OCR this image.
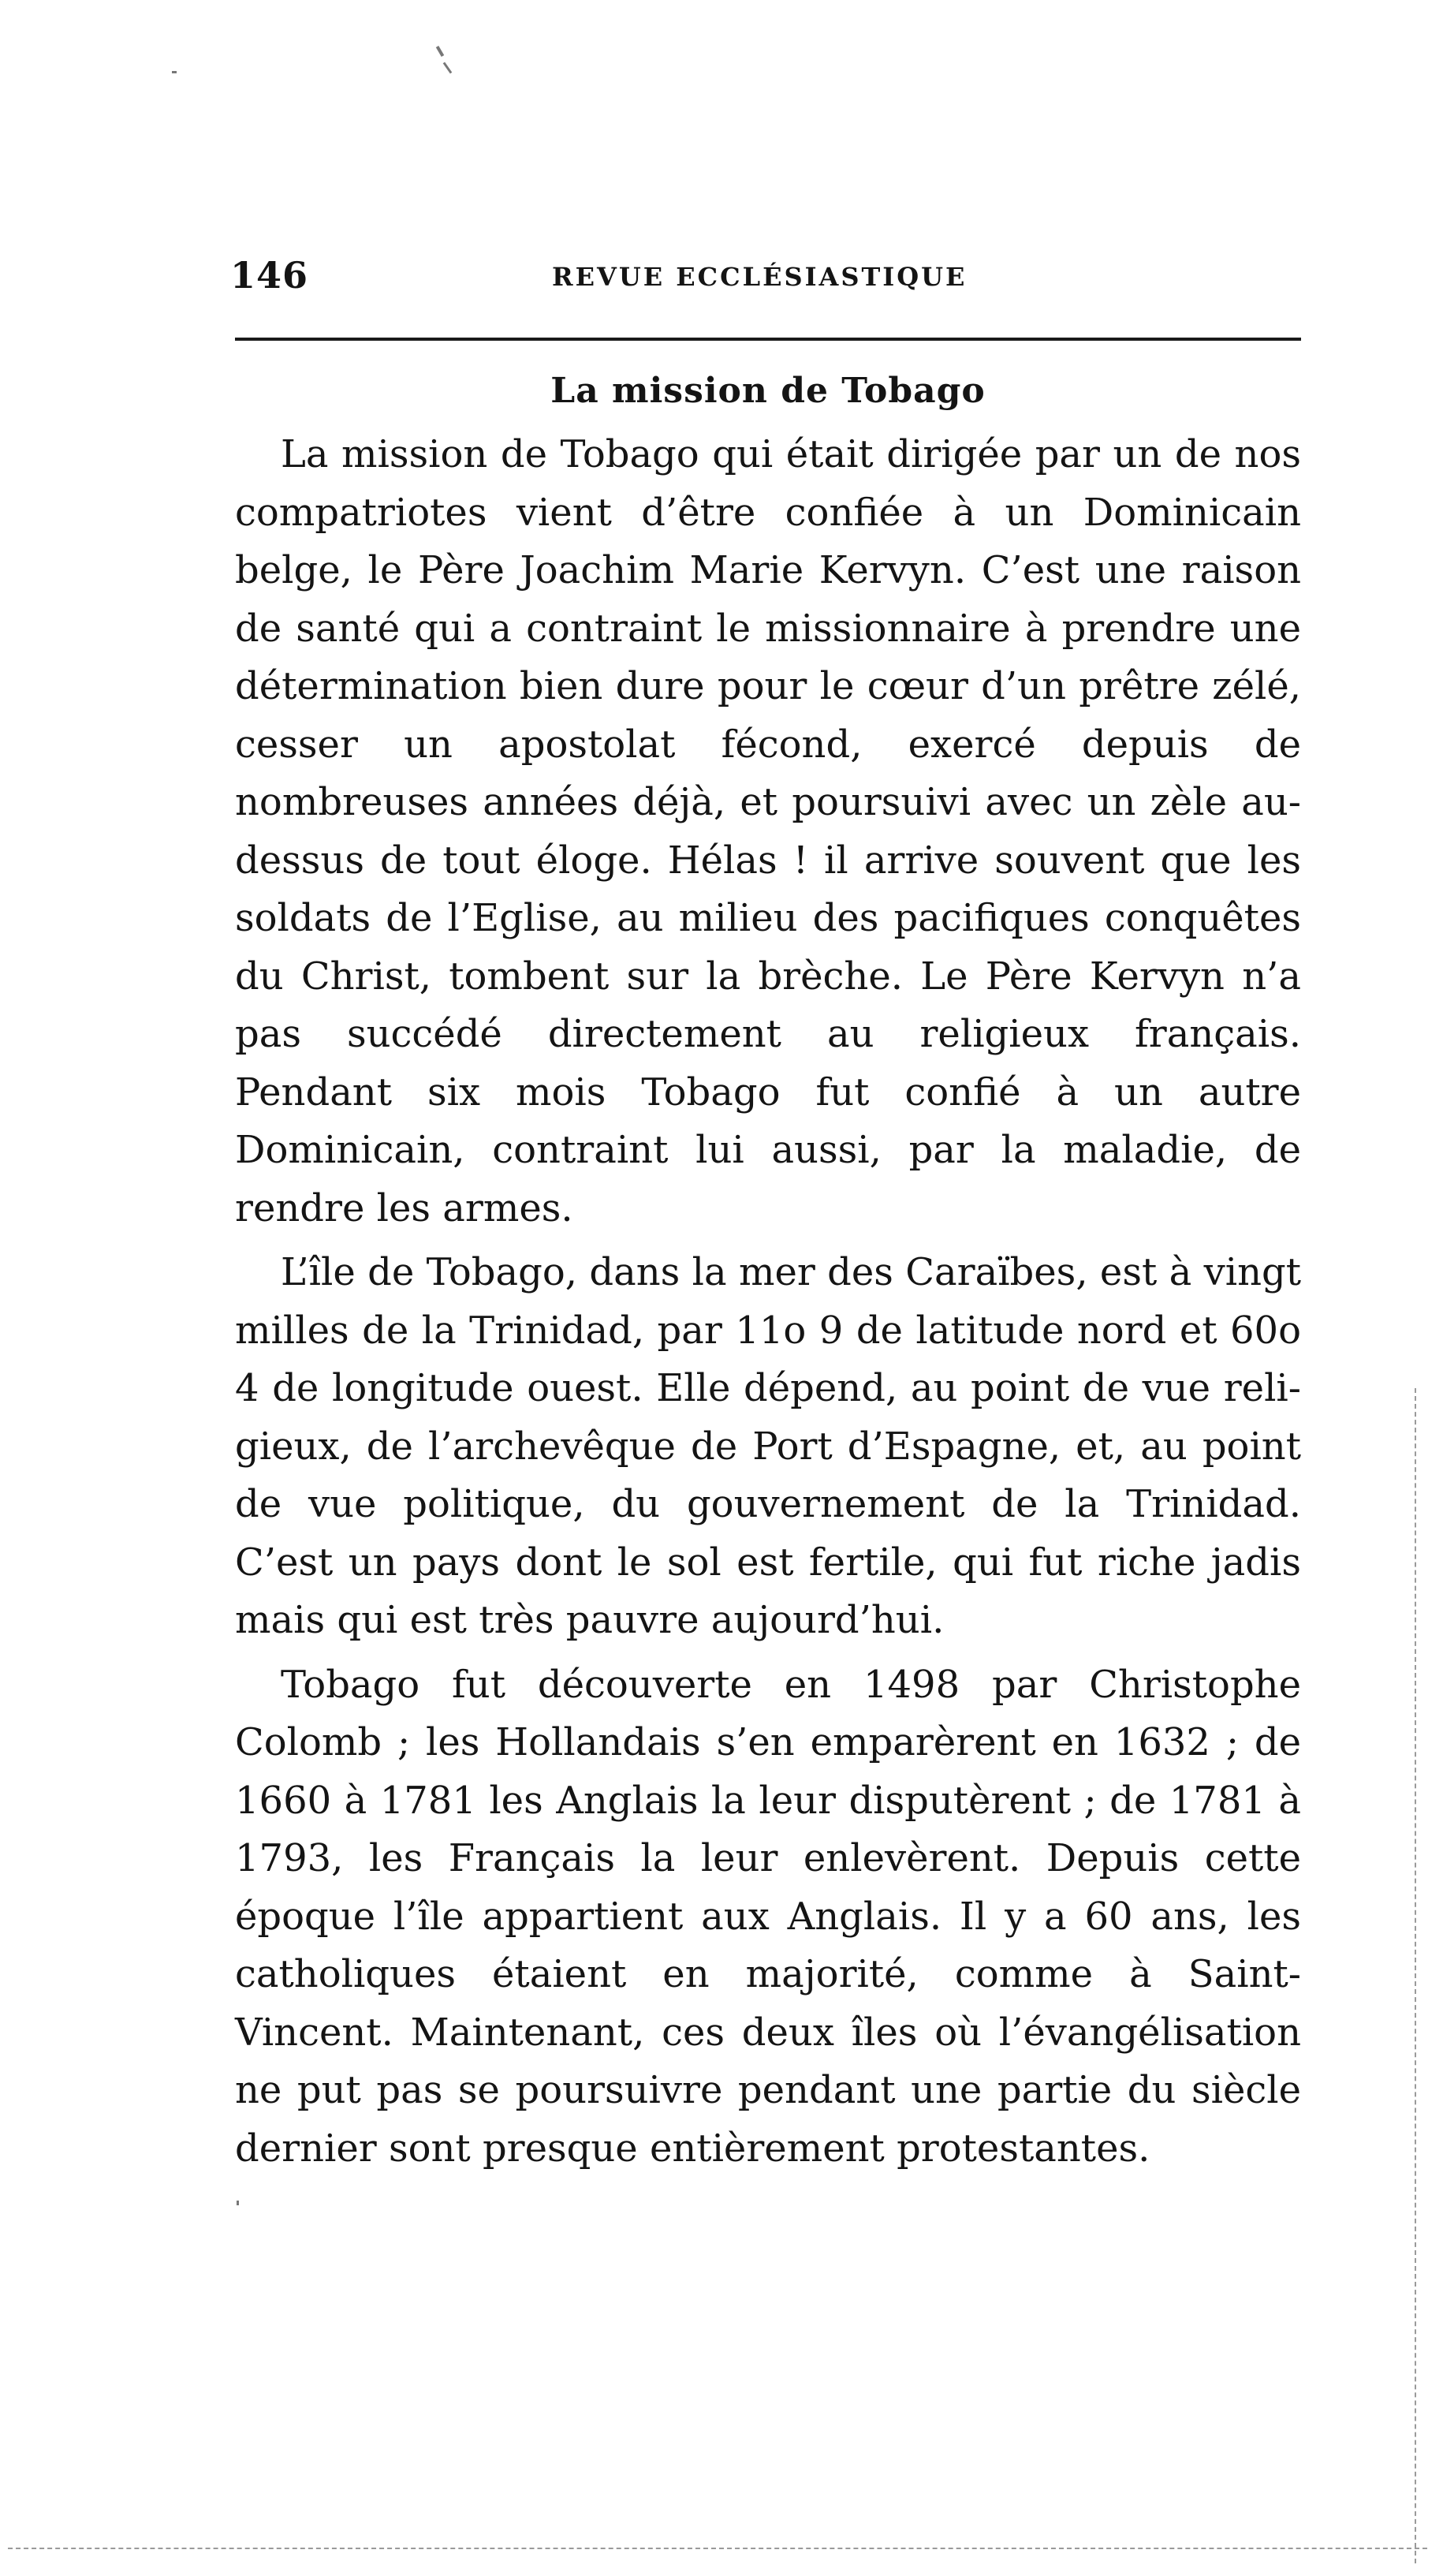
146	REVUE ECCLÉSIASTIQUE
La mission de Tobago

La mission de Tobago qui était dirigée par un de nos compatriotes vient d’être confiée à un Dominicain belge, le Père Joachim Marie Kervyn. C’est une raison de santé qui a contraint le missionnaire à prendre une détermination bien dure pour le cœur d’un prêtre zélé, cesser un apostolat fécond, exercé depuis de nombreuses années déjà, et poursuivi avec un zèle au-dessus de tout éloge. Hélas ! il arrive souvent que les soldats de l’Eglise, au milieu des pacifiques conquêtes du Christ, tombent sur la brèche. Le Père Kervyn n’a pas succédé directement au religieux français. Pendant six mois Tobago fut confié à un autre Dominicain, contraint lui aussi, par la maladie, de rendre les armes.

L’île de Tobago, dans la mer des Caraïbes, est à vingt milles de la Trinidad, par 11o 9 de latitude nord et 60o 4 de longitude ouest. Elle dépend, au point de vue religieux, de l’archevêque de Port d’Espagne, et, au point de vue politique, du gouvernement de la Trinidad. C’est un pays dont le sol est fertile, qui fut riche jadis mais qui est très pauvre aujourd’hui.

Tobago fut découverte en 1498 par Christophe Colomb ; les Hollandais s’en emparèrent en 1632 ; de 1660 à 1781 les Anglais la leur disputèrent ; de 1781 à 1793, les Français la leur enlevèrent. Depuis cette époque l’île appartient aux Anglais. Il y a 60 ans, les catholiques étaient en majorité, comme à Saint-Vincent. Maintenant, ces deux îles où l’évangélisation ne put pas se poursuivre pendant une partie du siècle dernier sont presque entièrement protestantes.
